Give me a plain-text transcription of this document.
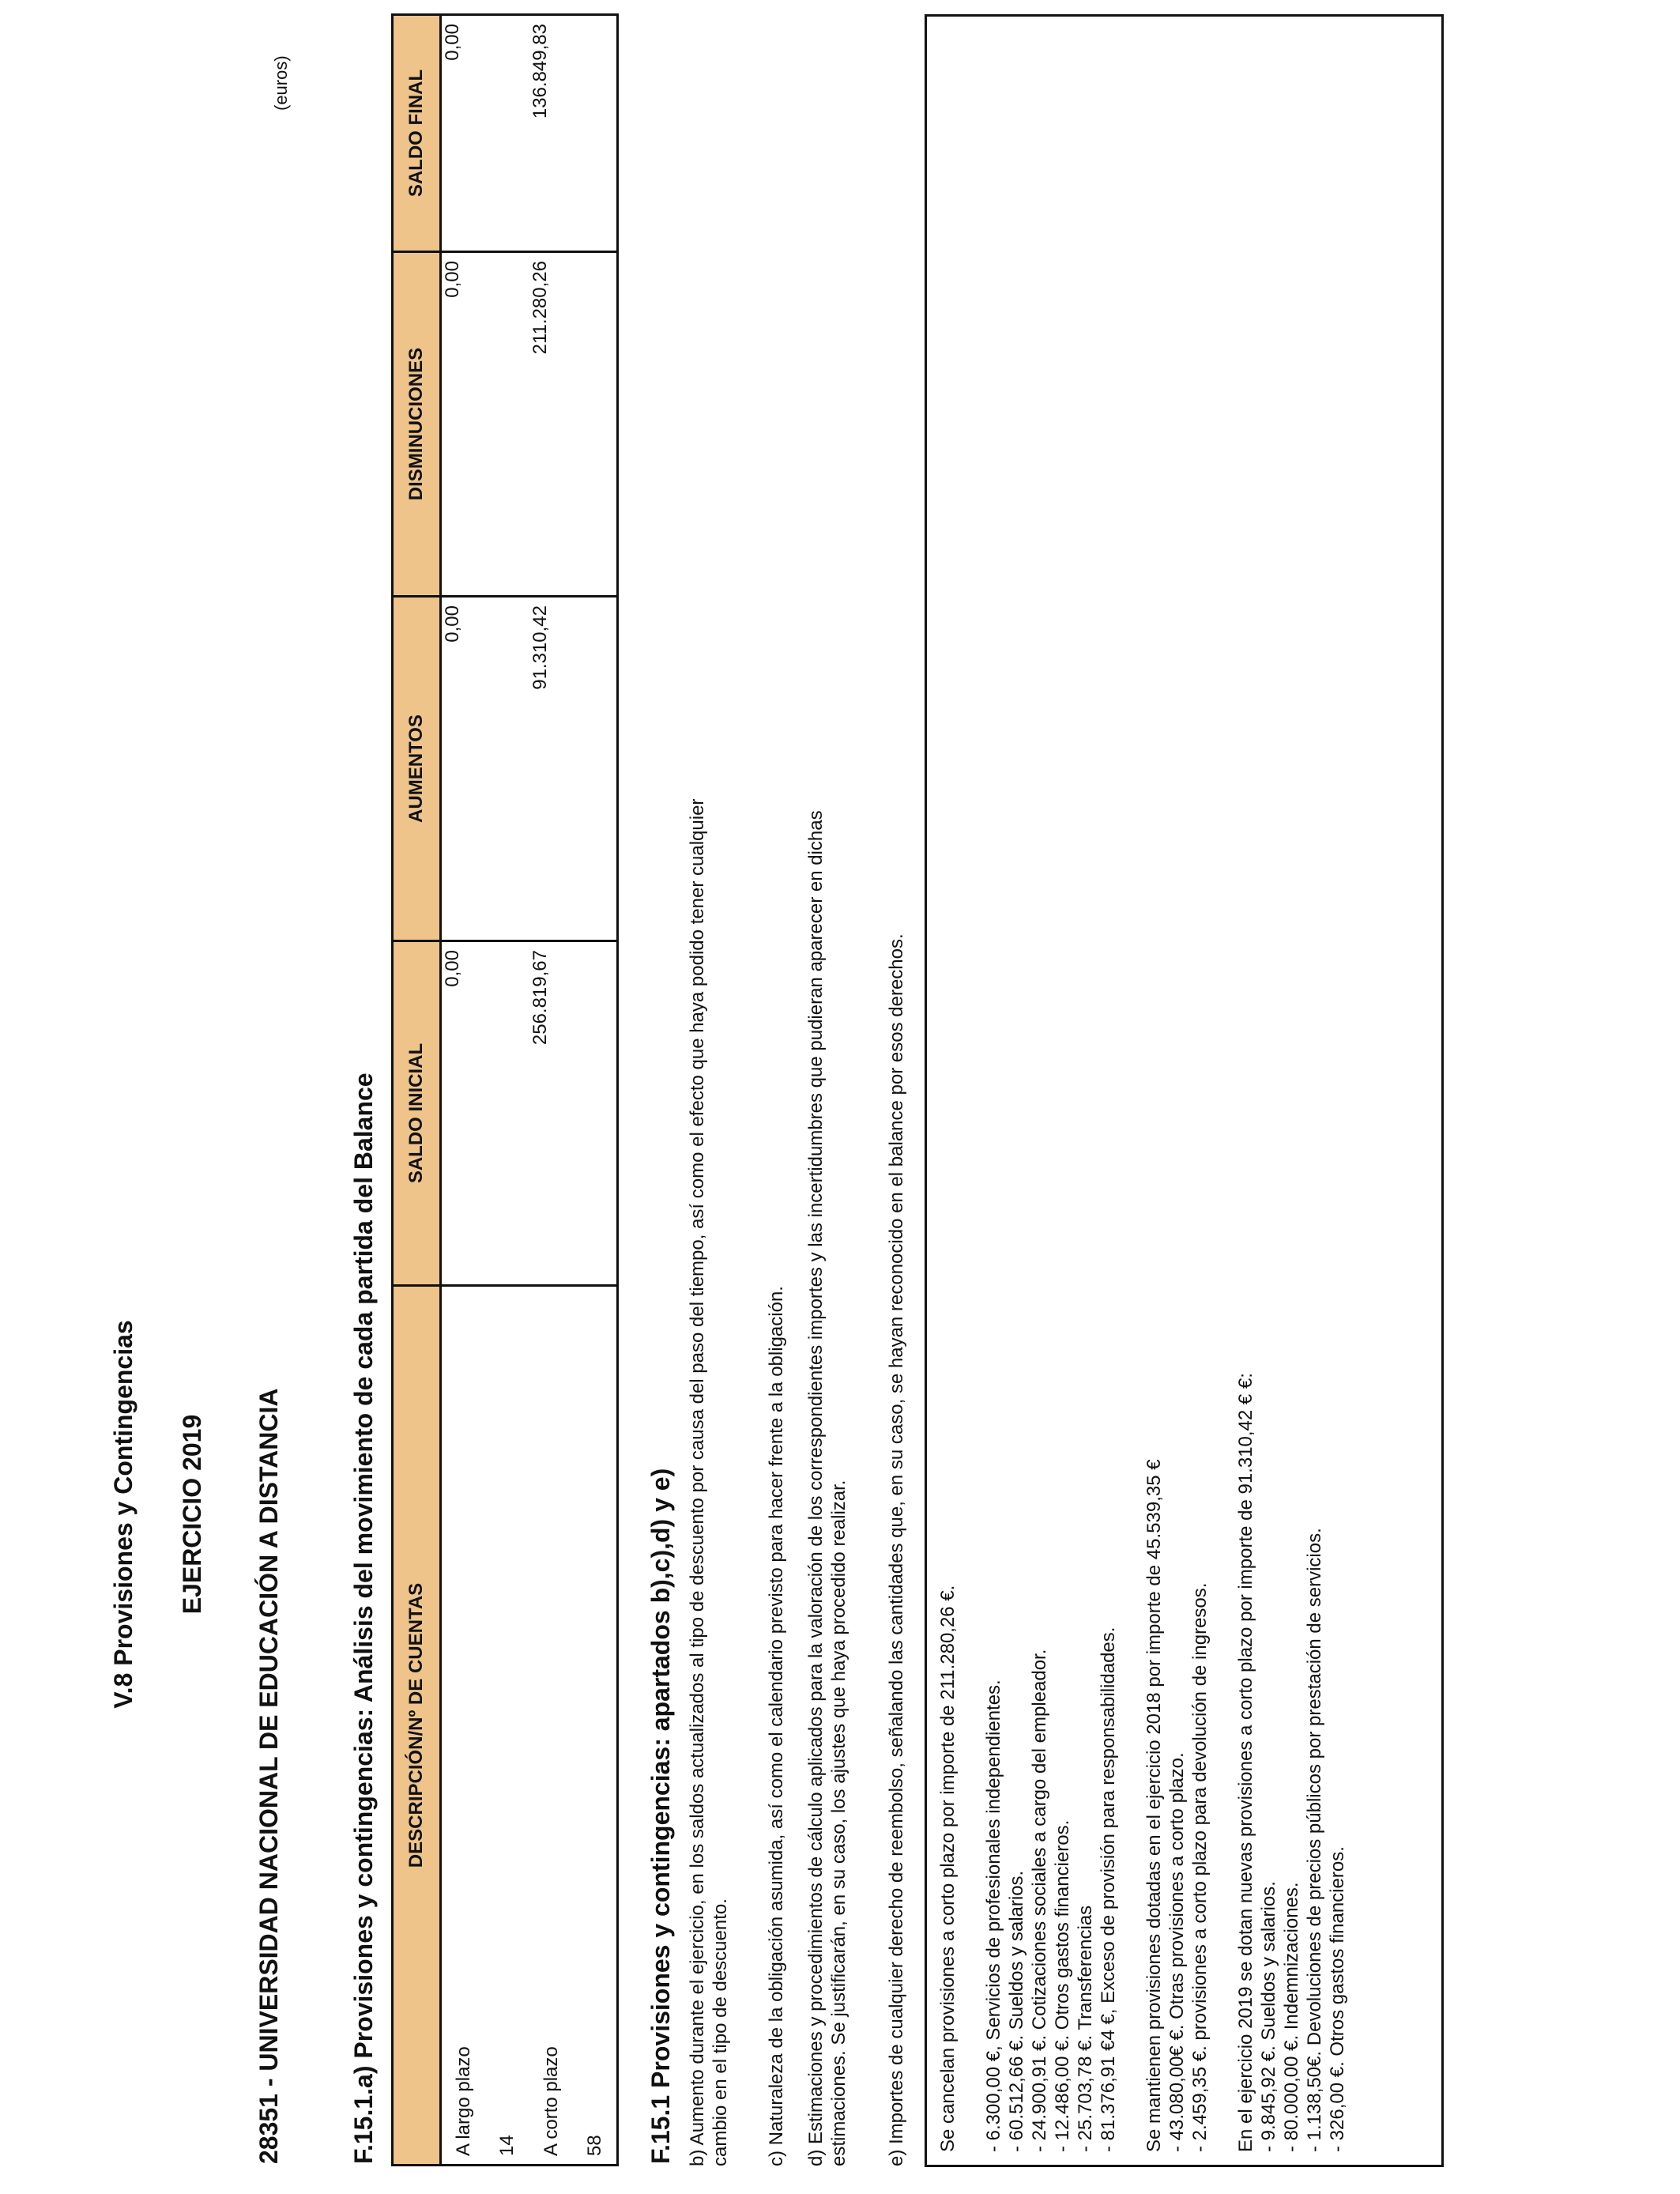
V.8 Provisiones y Contingencias EJERCICIO 2019 28351 - UNIVERSIDAD NACIONAL DE EDUCACIÓN A DISTANCIA
(euros)
F.15.1.a) Provisiones y contingencias: Análisis del movimiento de cada partida del Balance DESCRIPCIÓN/Nº DE CUENTAS	SALDO INICIAL	AUMENTOS	DISMINUCIONES	SALDO FINAL

A largo plazo 14	0,00	0,00	0,00	0,00

A corto plazo 58	256.819,67	91.310,42	211.280,26	136.849,83
F.15.1 Provisiones y contingencias: apartados b),c),d) y e) b) Aumento durante el ejercicio, en los saldos actualizados al tipo de descuento por causa del paso del tiempo, así como el efecto que haya podido tener cualquier cambio en el tipo de descuento. c) Naturaleza de la obligación asumida, así como el calendario previsto para hacer frente a la obligación. d) Estimaciones y procedimientos de cálculo aplicados para la valoración de los correspondientes importes y las incertidumbres que pudieran aparecer en dichas estimaciones. Se justificarán, en su caso, los ajustes que haya procedido realizar. e) Importes de cualquier derecho de reembolso, señalando las cantidades que, en su caso, se hayan reconocido en el balance por esos derechos. Se cancelan provisiones a corto plazo por importe de 211.280,26 €. - 6.300,00 €, Servicios de profesionales independientes. - 60.512,66 €. Sueldos y salarios. - 24.900,91 €. Cotizaciones sociales a cargo del empleador. - 12.486,00 €. Otros gastos financieros. - 25.703,78 €. Transferencias - 81.376,91 €4 €, Exceso de provisión para responsabilidades. Se mantienen provisiones dotadas en el ejercicio 2018 por importe de 45.539,35 € - 43.080,00€ €. Otras provisiones a corto plazo. - 2.459,35 €. provisiones a corto plazo para devolución de ingresos. En el ejercicio 2019 se dotan nuevas provisiones a corto plazo por importe de 91.310,42 € €: - 9.845,92 €. Sueldos y salarios. - 80.000,00 €. Indemnizaciones. - 1.138,50€. Devoluciones de precios públicos por prestación de servicios. - 326,00 €. Otros gastos financieros.
